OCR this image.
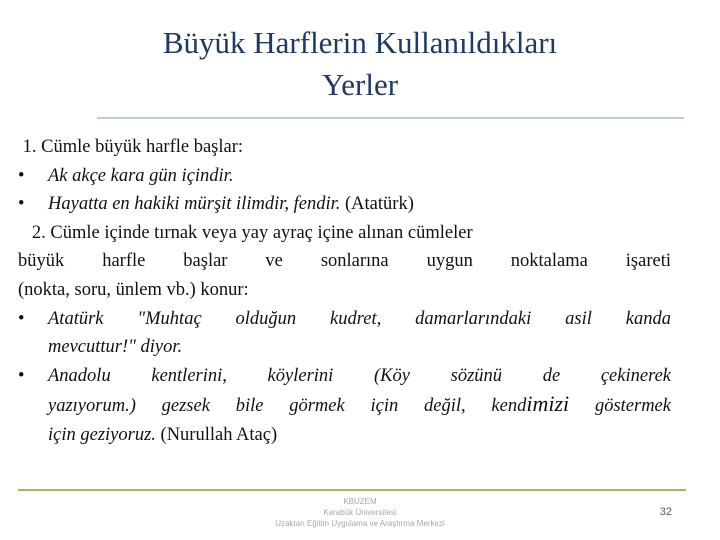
Büyük Harflerin Kullanıldıkları
Yerler
1. Cümle büyük harfle başlar:
• Ak akçe kara gün içindir.
• Hayatta en hakiki mürşit ilimdir, fendir. (Atatürk)
2. Cümle içinde tırnak veya yay ayraç içine alınan cümleler
büyük harfle başlar ve sonlarına uygun noktalama işareti
(nokta, soru, ünlem vb.) konur:
• Atatürk "Muhtaç olduğun kudret, damarlarındaki asil kanda
mevcuttur!" diyor.
• Anadolu kentlerini, köylerini (Köy sözünü de çekinerek
yazıyorum.) gezsek bile görmek için değil, kendimizi göstermek
için geziyoruz. (Nurullah Ataç)
KBUZEM
Karabük Üniversitesi
Uzaktan Eğitim Uygulama ve Araştırma Merkezi
32
